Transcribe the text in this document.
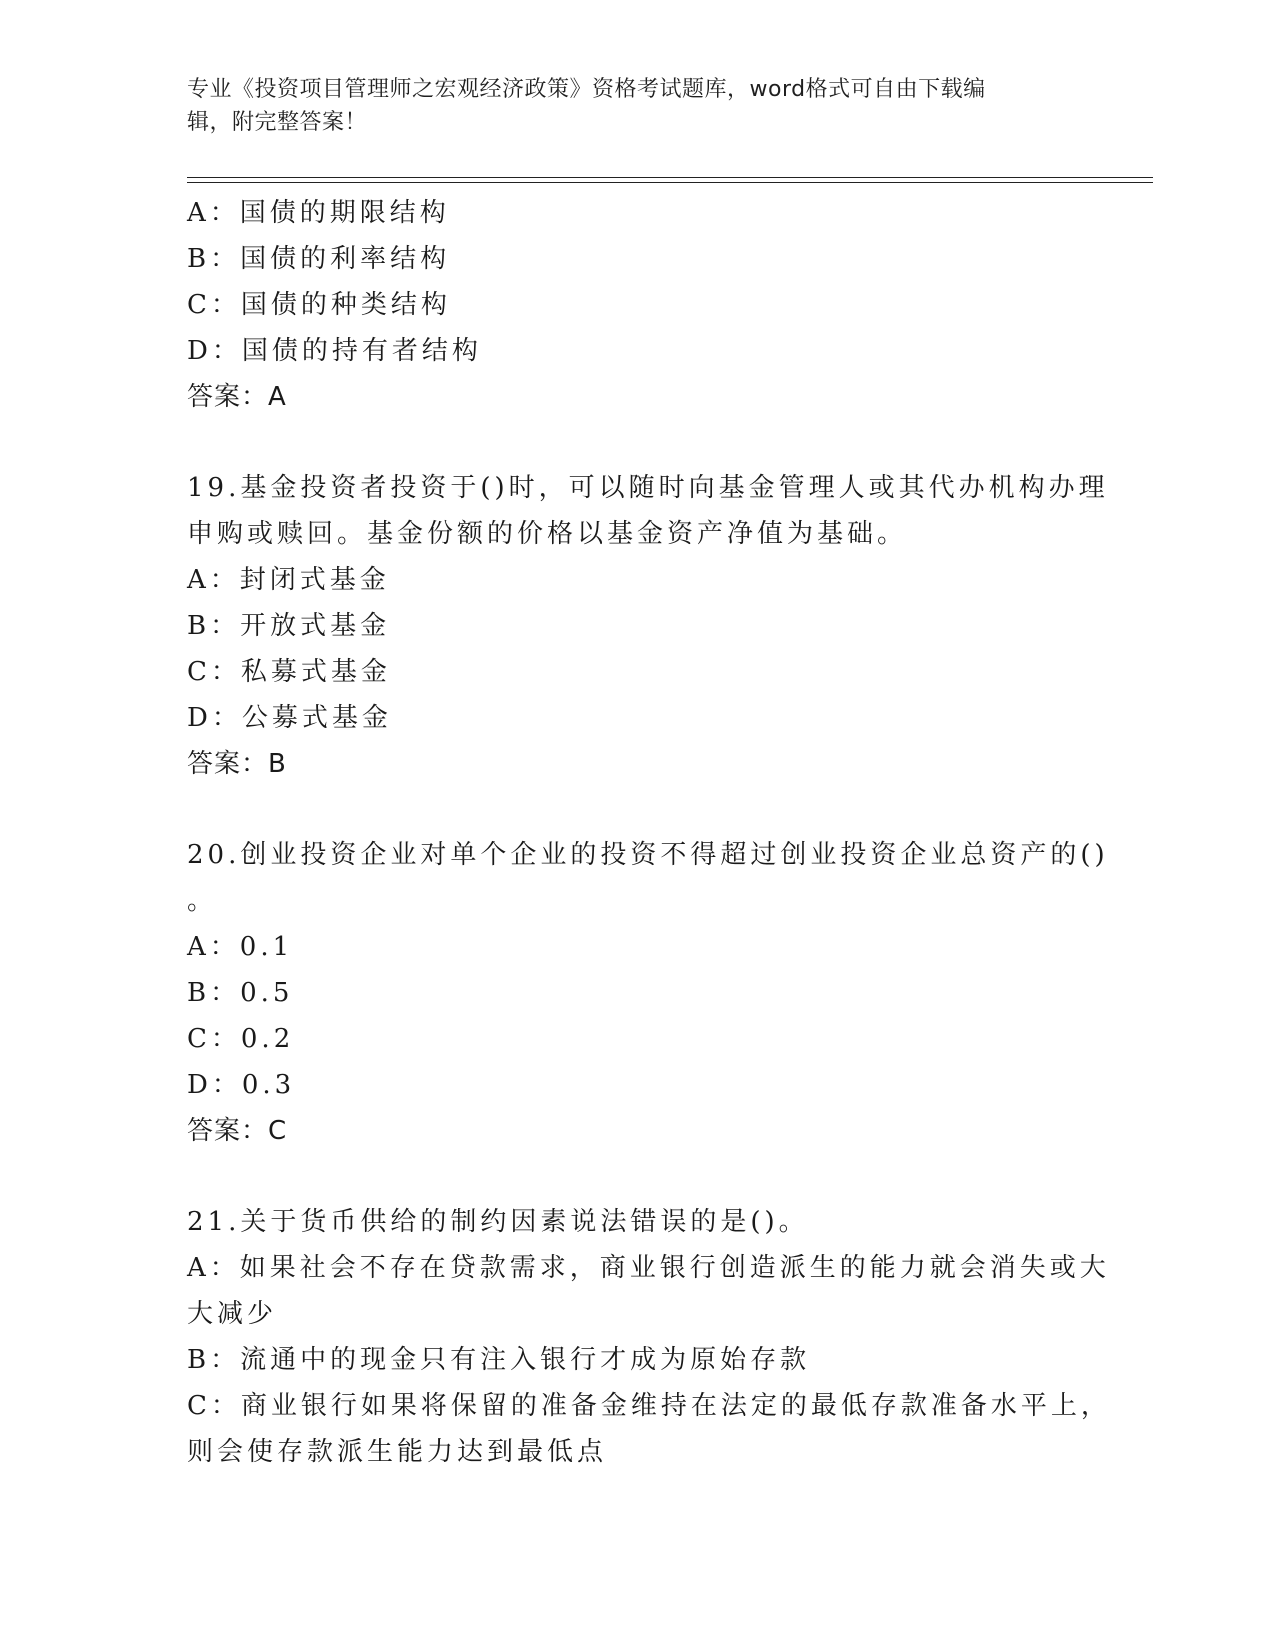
专业《投资项目管理师之宏观经济政策》资格考试题库，word格式可自由下载编
辑，附完整答案！
A：国债的期限结构
B：国债的利率结构
C：国债的种类结构
D：国债的持有者结构
答案：A
19.基金投资者投资于()时，可以随时向基金管理人或其代办机构办理
申购或赎回。基金份额的价格以基金资产净值为基础。
A：封闭式基金
B：开放式基金
C：私募式基金
D：公募式基金
答案：B
20.创业投资企业对单个企业的投资不得超过创业投资企业总资产的()
。
A：0.1
B：0.5
C：0.2
D：0.3
答案：C
21.关于货币供给的制约因素说法错误的是()。
A：如果社会不存在贷款需求，商业银行创造派生的能力就会消失或大
大减少
B：流通中的现金只有注入银行才成为原始存款
C：商业银行如果将保留的准备金维持在法定的最低存款准备水平上，
则会使存款派生能力达到最低点
